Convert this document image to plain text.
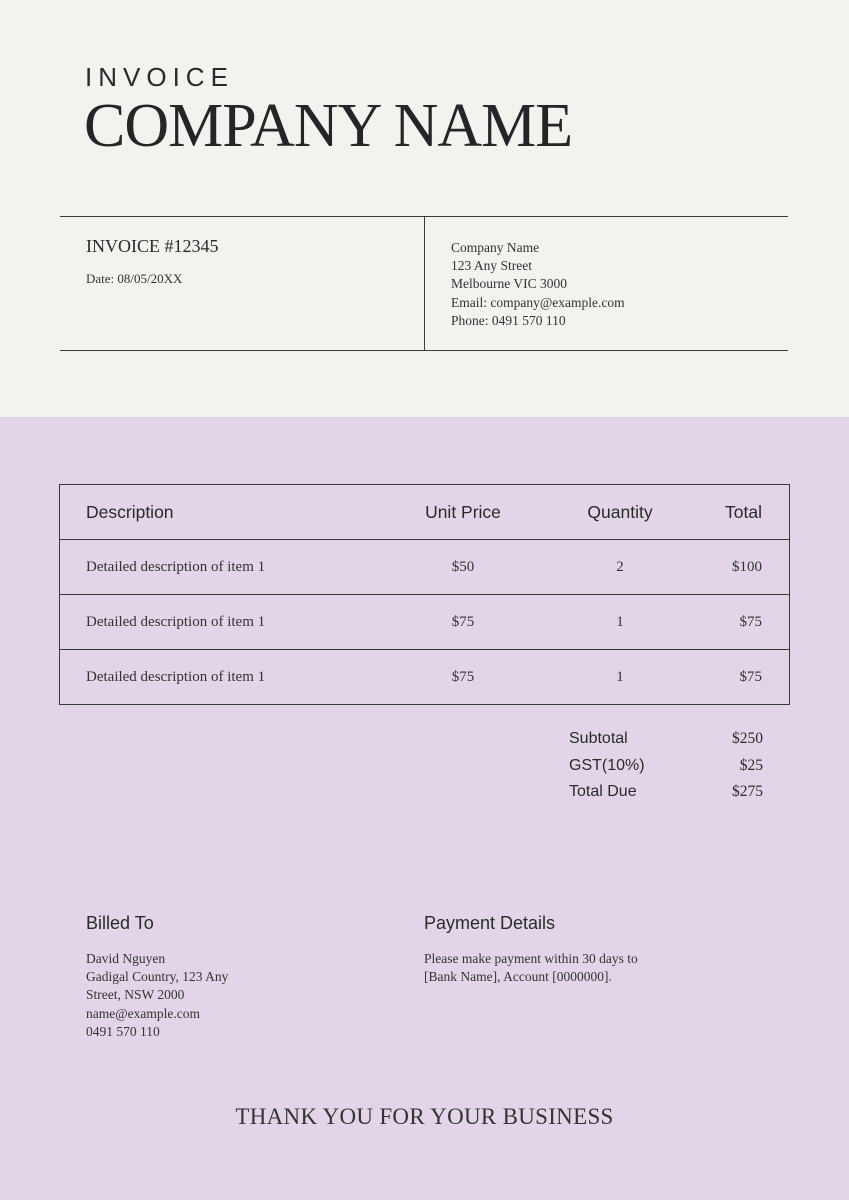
INVOICE
COMPANY NAME
INVOICE #12345
Date: 08/05/20XX
Company Name
123 Any Street
Melbourne VIC 3000
Email: company@example.com
Phone: 0491 570 110
Description	Unit Price	Quantity	Total
Detailed description of item 1	$50	2	$100
Detailed description of item 1	$75	1	$75
Detailed description of item 1	$75	1	$75
Subtotal	$250
GST(10%)	$25
Total Due	$275
Billed To
David Nguyen
Gadigal Country, 123 Any
Street, NSW 2000
name@example.com
0491 570 110
Payment Details
Please make payment within 30 days to [Bank Name], Account [0000000].
THANK YOU FOR YOUR BUSINESS
